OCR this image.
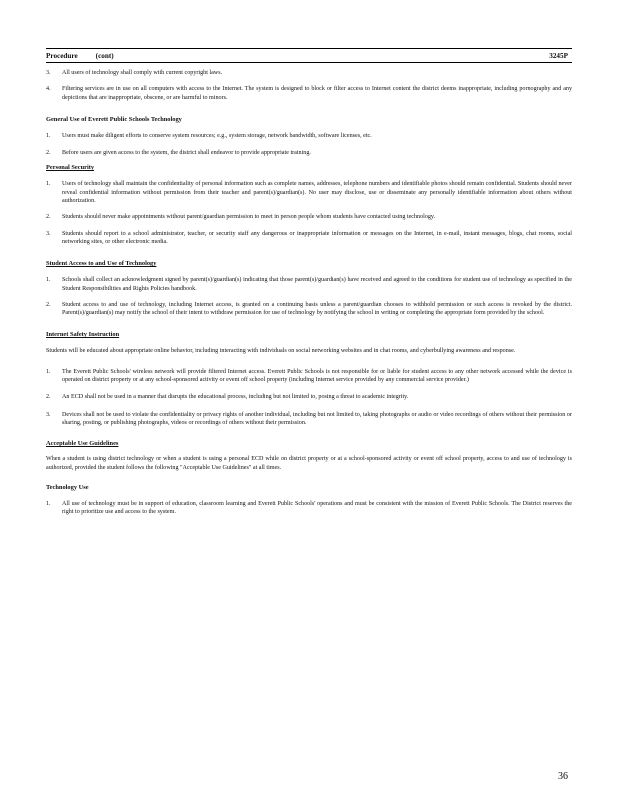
Procedure	(cont)	3245P
3.	All users of technology shall comply with current copyright laws.
4.	Filtering services are in use on all computers with access to the Internet. The system is designed to block or filter access to Internet content the district deems inappropriate, including pornography and any depictions that are inappropriate, obscene, or are harmful to minors.
General Use of Everett Public Schools Technology
1.	Users must make diligent efforts to conserve system resources; e.g., system storage, network bandwidth, software licenses, etc.
2.	Before users are given access to the system, the district shall endeavor to provide appropriate training.
Personal Security
1.	Users of technology shall maintain the confidentiality of personal information such as complete names, addresses, telephone numbers and identifiable photos should remain confidential. Students should never reveal confidential information without permission from their teacher and parent(s)/guardian(s). No user may disclose, use or disseminate any personally identifiable information about others without authorization.
2.	Students should never make appointments without parent/guardian permission to meet in person people whom students have contacted using technology.
3.	Students should report to a school administrator, teacher, or security staff any dangerous or inappropriate information or messages on the Internet, in e-mail, instant messages, blogs, chat rooms, social networking sites, or other electronic media.
Student Access to and Use of Technology
1.	Schools shall collect an acknowledgment signed by parent(s)/guardian(s) indicating that those parent(s)/guardian(s) have received and agreed to the conditions for student use of technology as specified in the Student Responsibilities and Rights Policies handbook.
2.	Student access to and use of technology, including Internet access, is granted on a continuing basis unless a parent/guardian chooses to withhold permission or such access is revoked by the district. Parent(s)/guardian(s) may notify the school of their intent to withdraw permission for use of technology by notifying the school in writing or completing the appropriate form provided by the school.
Internet Safety Instruction
Students will be educated about appropriate online behavior, including interacting with individuals on social networking websites and in chat rooms, and cyberbullying awareness and response.
1.	The Everett Public Schools' wireless network will provide filtered Internet access. Everett Public Schools is not responsible for or liable for student access to any other network accessed while the device is operated on district property or at any school-sponsored activity or event off school property (including Internet service provided by any commercial service provider.)
2.	An ECD shall not be used in a manner that disrupts the educational process, including but not limited to, posing a threat to academic integrity.
3.	Devices shall not be used to violate the confidentiality or privacy rights of another individual, including but not limited to, taking photographs or audio or video recordings of others without their permission or sharing, posting, or publishing photographs, videos or recordings of others without their permission.
Acceptable Use Guidelines
When a student is using district technology or when a student is using a personal ECD while on district property or at a school-sponsored activity or event off school property, access to and use of technology is authorized, provided the student follows the following "Acceptable Use Guidelines" at all times.
Technology Use
1.	All use of technology must be in support of education, classroom learning and Everett Public Schools' operations and must be consistent with the mission of Everett Public Schools. The District reserves the right to prioritize use and access to the system.
36
